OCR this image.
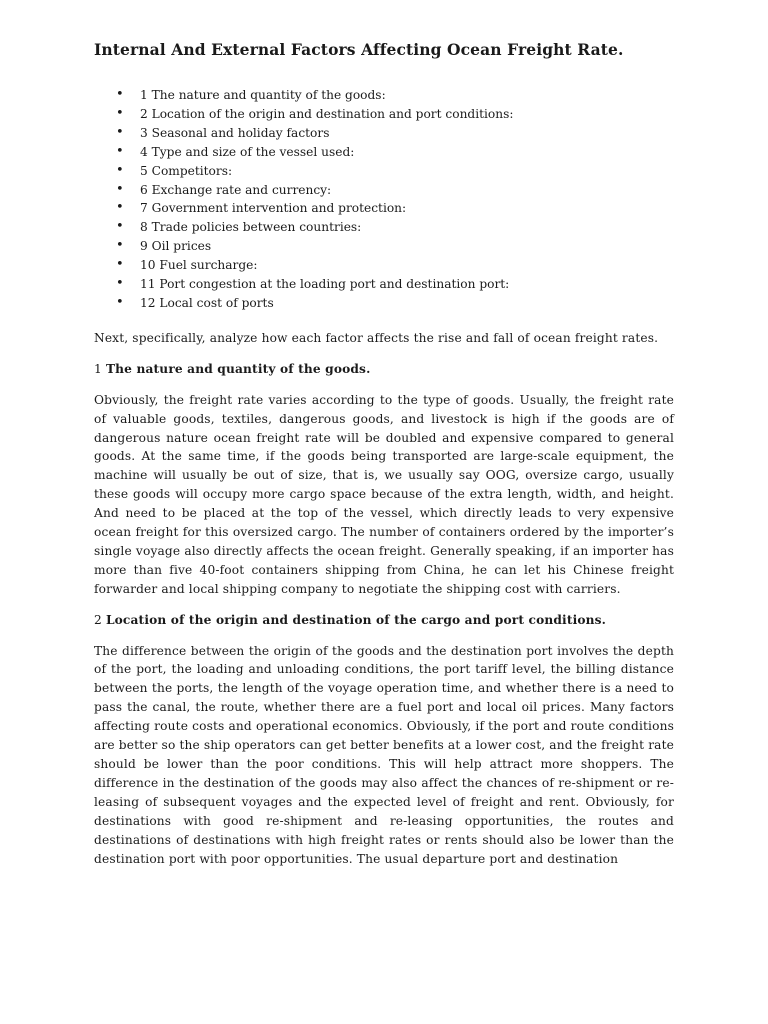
Internal And External Factors Affecting Ocean Freight Rate.
• 1 The nature and quantity of the goods:
• 2 Location of the origin and destination and port conditions:
• 3 Seasonal and holiday factors
• 4 Type and size of the vessel used:
• 5 Competitors:
• 6 Exchange rate and currency:
• 7 Government intervention and protection:
• 8 Trade policies between countries:
• 9 Oil prices
• 10 Fuel surcharge:
• 11 Port congestion at the loading port and destination port:
• 12 Local cost of ports

Next, specifically, analyze how each factor affects the rise and fall of ocean freight rates.

1 The nature and quantity of the goods.

Obviously, the freight rate varies according to the type of goods. Usually, the freight rate of valuable goods, textiles, dangerous goods, and livestock is high if the goods are of dangerous nature ocean freight rate will be doubled and expensive compared to general goods. At the same time, if the goods being transported are large-scale equipment, the machine will usually be out of size, that is, we usually say OOG, oversize cargo, usually these goods will occupy more cargo space because of the extra length, width, and height. And need to be placed at the top of the vessel, which directly leads to very expensive ocean freight for this oversized cargo. The number of containers ordered by the importer’s single voyage also directly affects the ocean freight. Generally speaking, if an importer has more than five 40-foot containers shipping from China, he can let his Chinese freight forwarder and local shipping company to negotiate the shipping cost with carriers.

2 Location of the origin and destination of the cargo and port conditions.

The difference between the origin of the goods and the destination port involves the depth of the port, the loading and unloading conditions, the port tariff level, the billing distance between the ports, the length of the voyage operation time, and whether there is a need to pass the canal, the route, whether there are a fuel port and local oil prices. Many factors affecting route costs and operational economics. Obviously, if the port and route conditions are better so the ship operators can get better benefits at a lower cost, and the freight rate should be lower than the poor conditions. This will help attract more shoppers. The difference in the destination of the goods may also affect the chances of re-shipment or re-leasing of subsequent voyages and the expected level of freight and rent. Obviously, for destinations with good re-shipment and re-leasing opportunities, the routes and destinations of destinations with high freight rates or rents should also be lower than the destination port with poor opportunities. The usual departure port and destination
